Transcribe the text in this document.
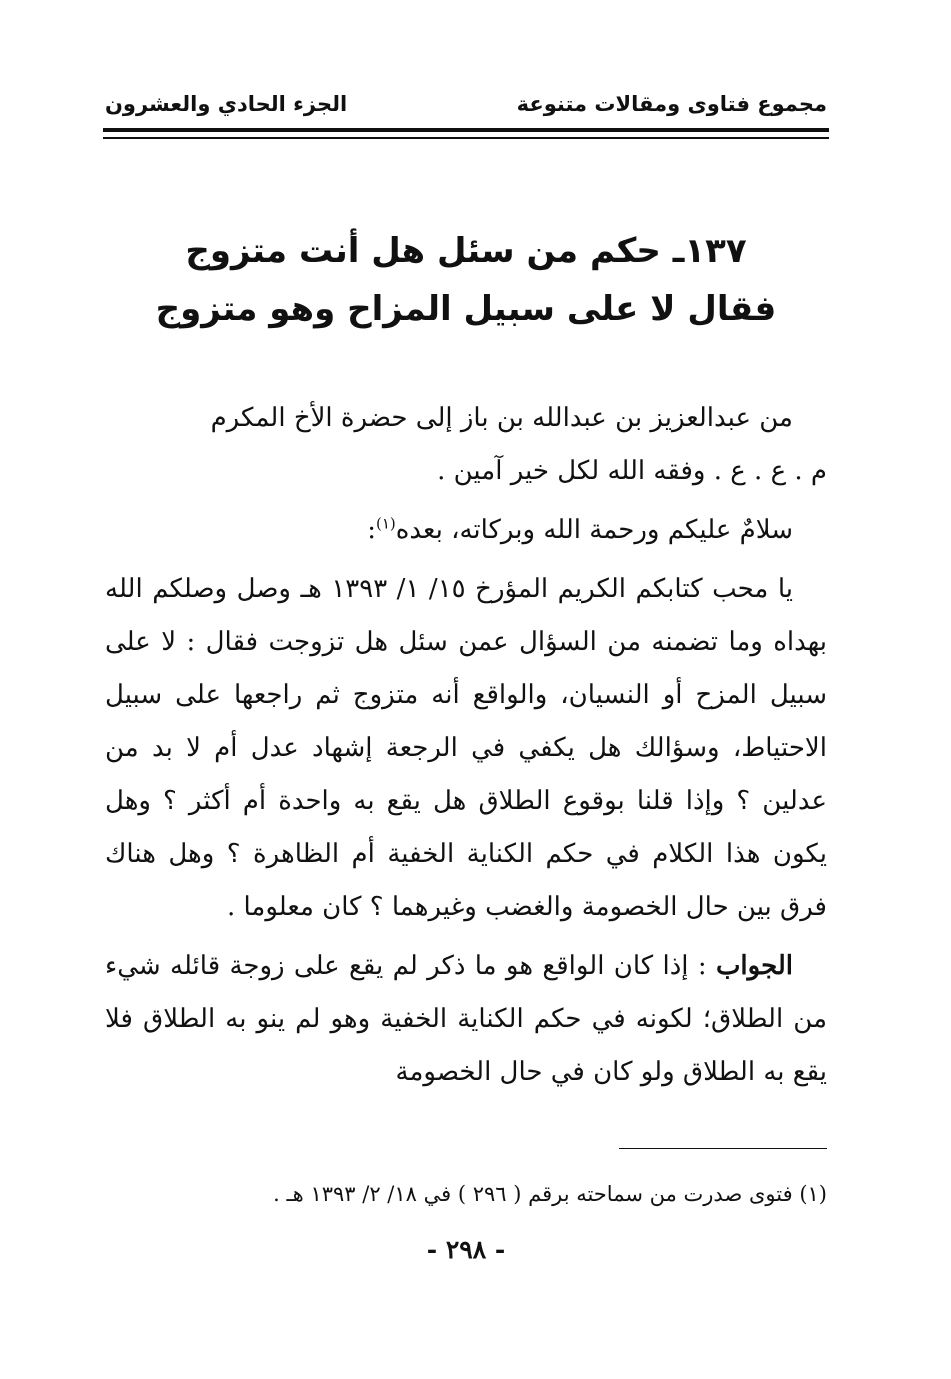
مجموع فتاوى ومقالات متنوعة
الجزء الحادي والعشرون
١٣٧ـ حكم من سئل هل أنت متزوج
فقال لا على سبيل المزاح وهو متزوج

من عبدالعزيز بن عبدالله بن باز إلى حضرة الأخ المكرم
م . ع . ع . وفقه الله لكل خير آمين .

سلامٌ عليكم ورحمة الله وبركاته، بعده$^{(١)}$:

يا محب كتابكم الكريم المؤرخ ١٥/ ١/ ١٣٩٣ هـ وصل وصلكم الله بهداه وما تضمنه من السؤال عمن سئل هل تزوجت فقال : لا على سبيل المزح أو النسيان، والواقع أنه متزوج ثم راجعها على سبيل الاحتياط، وسؤالك هل يكفي في الرجعة إشهاد عدل أم لا بد من عدلين ؟ وإذا قلنا بوقوع الطلاق هل يقع به واحدة أم أكثر ؟ وهل يكون هذا الكلام في حكم الكناية الخفية أم الظاهرة ؟ وهل هناك فرق بين حال الخصومة والغضب وغيرهما ؟ كان معلوما .

الجواب : إذا كان الواقع هو ما ذكر لم يقع على زوجة قائله شيء من الطلاق؛ لكونه في حكم الكناية الخفية وهو لم ينو به الطلاق فلا يقع به الطلاق ولو كان في حال الخصومة

(١) فتوى صدرت من سماحته برقم ( ٢٩٦ ) في ١٨/ ٢/ ١٣٩٣ هـ .
- ٢٩٨ -
